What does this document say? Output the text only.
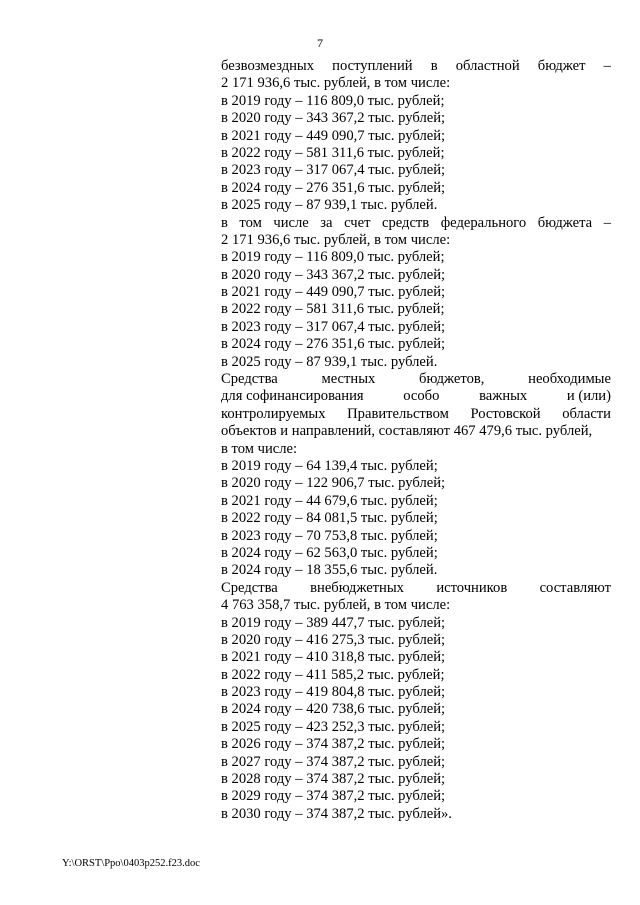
7
безвозмездных поступлений в областной бюджет –
2 171 936,6 тыс. рублей, в том числе:
в 2019 году – 116 809,0 тыс. рублей;
в 2020 году – 343 367,2 тыс. рублей;
в 2021 году – 449 090,7 тыс. рублей;
в 2022 году – 581 311,6 тыс. рублей;
в 2023 году – 317 067,4 тыс. рублей;
в 2024 году – 276 351,6 тыс. рублей;
в 2025 году – 87 939,1 тыс. рублей.
в том числе за счет средств федерального бюджета –
2 171 936,6 тыс. рублей, в том числе:
в 2019 году – 116 809,0 тыс. рублей;
в 2020 году – 343 367,2 тыс. рублей;
в 2021 году – 449 090,7 тыс. рублей;
в 2022 году – 581 311,6 тыс. рублей;
в 2023 году – 317 067,4 тыс. рублей;
в 2024 году – 276 351,6 тыс. рублей;
в 2025 году – 87 939,1 тыс. рублей.
Средства	местных	бюджетов,	необходимые
для софинансирования	особо	важных	и (или)
контролируемых Правительством Ростовской области
объектов и направлений, составляют 467 479,6 тыс. рублей,
в том числе:
в 2019 году – 64 139,4 тыс. рублей;
в 2020 году – 122 906,7 тыс. рублей;
в 2021 году – 44 679,6 тыс. рублей;
в 2022 году – 84 081,5 тыс. рублей;
в 2023 году – 70 753,8 тыс. рублей;
в 2024 году – 62 563,0 тыс. рублей;
в 2024 году – 18 355,6 тыс. рублей.
Средства внебюджетных источников составляют
4 763 358,7 тыс. рублей, в том числе:
в 2019 году – 389 447,7 тыс. рублей;
в 2020 году – 416 275,3 тыс. рублей;
в 2021 году – 410 318,8 тыс. рублей;
в 2022 году – 411 585,2 тыс. рублей;
в 2023 году – 419 804,8 тыс. рублей;
в 2024 году – 420 738,6 тыс. рублей;
в 2025 году – 423 252,3 тыс. рублей;
в 2026 году – 374 387,2 тыс. рублей;
в 2027 году – 374 387,2 тыс. рублей;
в 2028 году – 374 387,2 тыс. рублей;
в 2029 году – 374 387,2 тыс. рублей;
в 2030 году – 374 387,2 тыс. рублей».
Y:\ORST\Ppo\0403p252.f23.doc
